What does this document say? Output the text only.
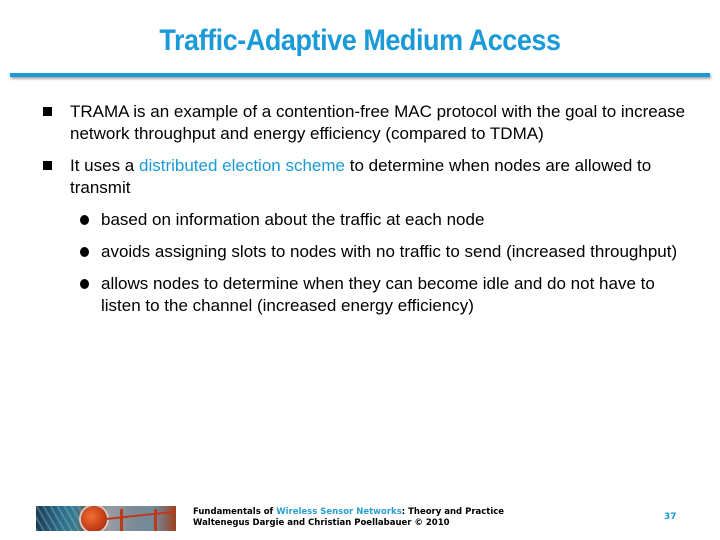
Traffic-Adaptive Medium Access
TRAMA is an example of a contention-free MAC protocol with the goal to increase network throughput and energy efficiency (compared to TDMA)
It uses a distributed election scheme to determine when nodes are allowed to transmit
based on information about the traffic at each node
avoids assigning slots to nodes with no traffic to send (increased throughput)
allows nodes to determine when they can become idle and do not have to listen to the channel (increased energy efficiency)
Fundamentals of Wireless Sensor Networks: Theory and Practice
Waltenegus Dargie and Christian Poellabauer © 2010
37
